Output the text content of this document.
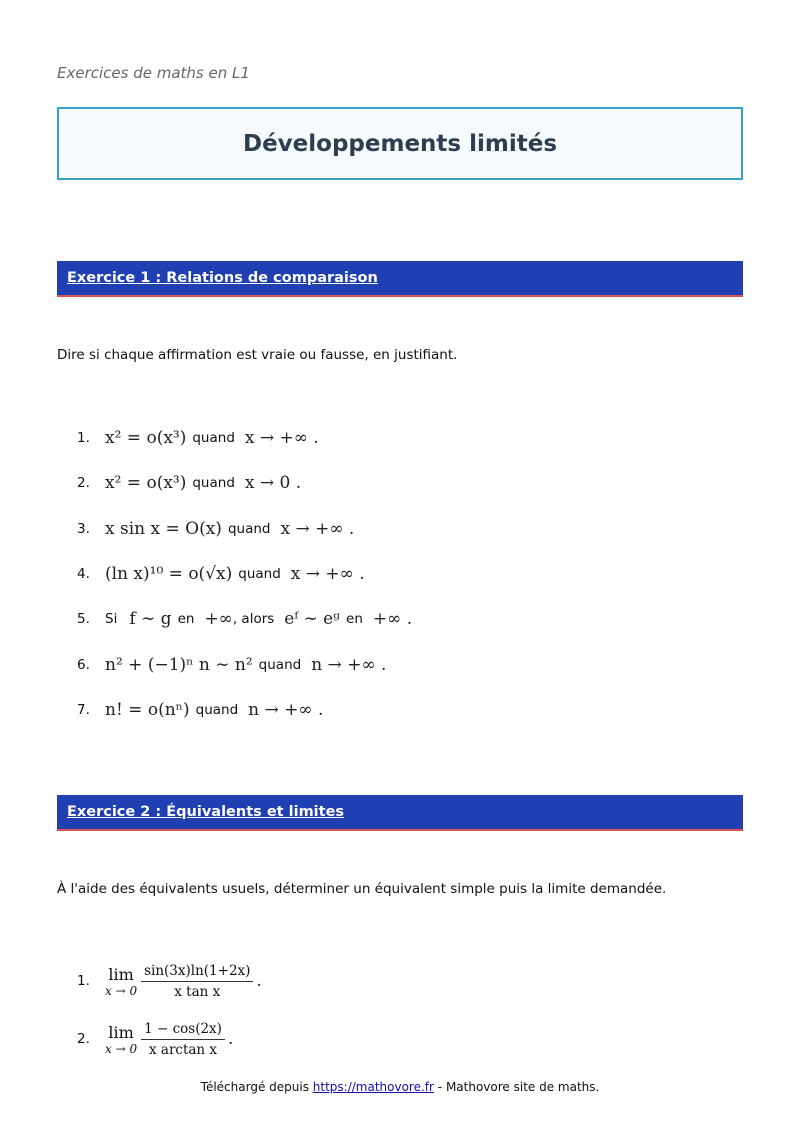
Exercices de maths en L1
Développements limités
Exercice 1 : Relations de comparaison
Dire si chaque affirmation est vraie ou fausse, en justifiant.
1. x² = o(x³) quand x → +∞ .
2. x² = o(x³) quand x → 0 .
3. x sin x = O(x) quand x → +∞ .
4. (ln x)¹⁰ = o(√x) quand x → +∞ .
5.	Si f ∼ g en +∞ , alors eᶠ ∼ eᵍ en +∞ .
6. n² + (−1)ⁿ n ∼ n² quand n → +∞ .
7. n! = o(nⁿ) quand n → +∞ .
Exercice 2 : Équivalents et limites
À l'aide des équivalents usuels, déterminer un équivalent simple puis la limite demandée.
1.	lim
$x \to 0 \frac{\sin(3x)\ln(1+2x)}{\text{x tan x}}$ .
2.	lim
$x \to 0 \frac{1 - \cos(2x)}{\text{x arctan x}}$ .
Téléchargé depuis https://mathovore.fr - Mathovore site de maths.
